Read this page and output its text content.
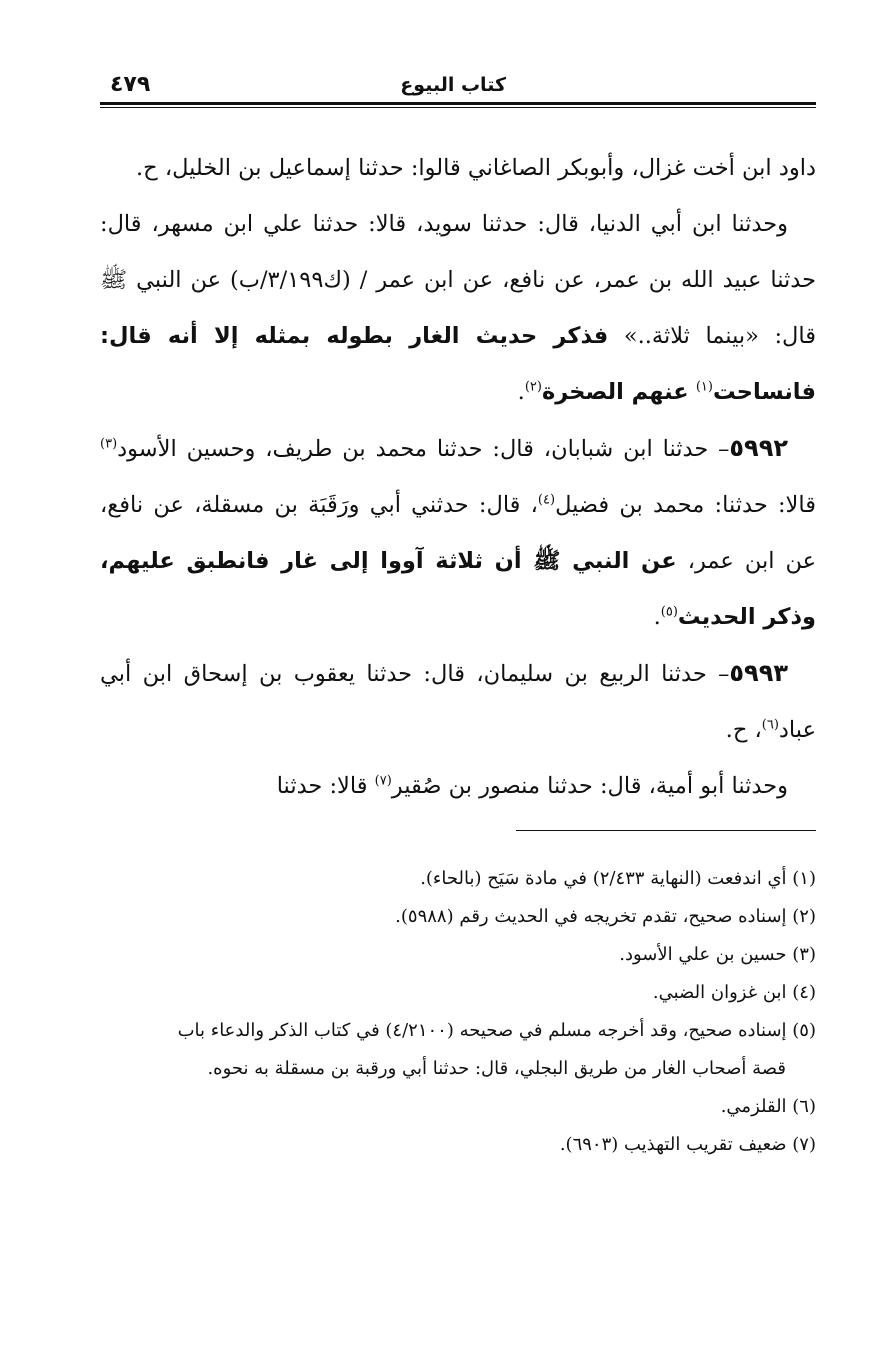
كتاب البيوع
٤٧٩

داود ابن أخت غزال، وأبوبكر الصاغاني قالوا: حدثنا إسماعيل بن الخليل، ح.

وحدثنا ابن أبي الدنيا، قال: حدثنا سويد، قالا: حدثنا علي ابن مسهر، قال: حدثنا عبيد الله بن عمر، عن نافع، عن ابن عمر / (ك٣/١٩٩/ب) عن النبي ﷺ قال: «بينما ثلاثة..» فذكر حديث الغار بطوله بمثله إلا أنه قال: فانساحت$^{(١)}$ عنهم الصخرة$^{(٢)}$.

٥٩٩٢– حدثنا ابن شبابان، قال: حدثنا محمد بن طريف، وحسين الأسود$^{(٣)}$ قالا: حدثنا: محمد بن فضيل$^{(٤)}$، قال: حدثني أبي ورَقَبَة بن مسقلة، عن نافع، عن ابن عمر، عن النبي ﷺ أن ثلاثة آووا إلى غار فانطبق عليهم، وذكر الحديث$^{(٥)}$.

٥٩٩٣– حدثنا الربيع بن سليمان، قال: حدثنا يعقوب بن إسحاق ابن أبي عباد$^{(٦)}$، ح.

وحدثنا أبو أمية، قال: حدثنا منصور بن صُقير$^{(٧)}$ قالا: حدثنا

(١) أي اندفعت (النهاية ٢/٤٣٣) في مادة سَيَح (بالحاء).

(٢) إسناده صحيح، تقدم تخريجه في الحديث رقم (٥٩٨٨).

(٣) حسين بن علي الأسود.

(٤) ابن غزوان الضبي.

(٥) إسناده صحيح، وقد أخرجه مسلم في صحيحه (٤/٢١٠٠) في كتاب الذكر والدعاء باب

قصة أصحاب الغار من طريق البجلي، قال: حدثنا أبي ورقبة بن مسقلة به نحوه.

(٦) القلزمي.

(٧) ضعيف تقريب التهذيب (٦٩٠٣).
